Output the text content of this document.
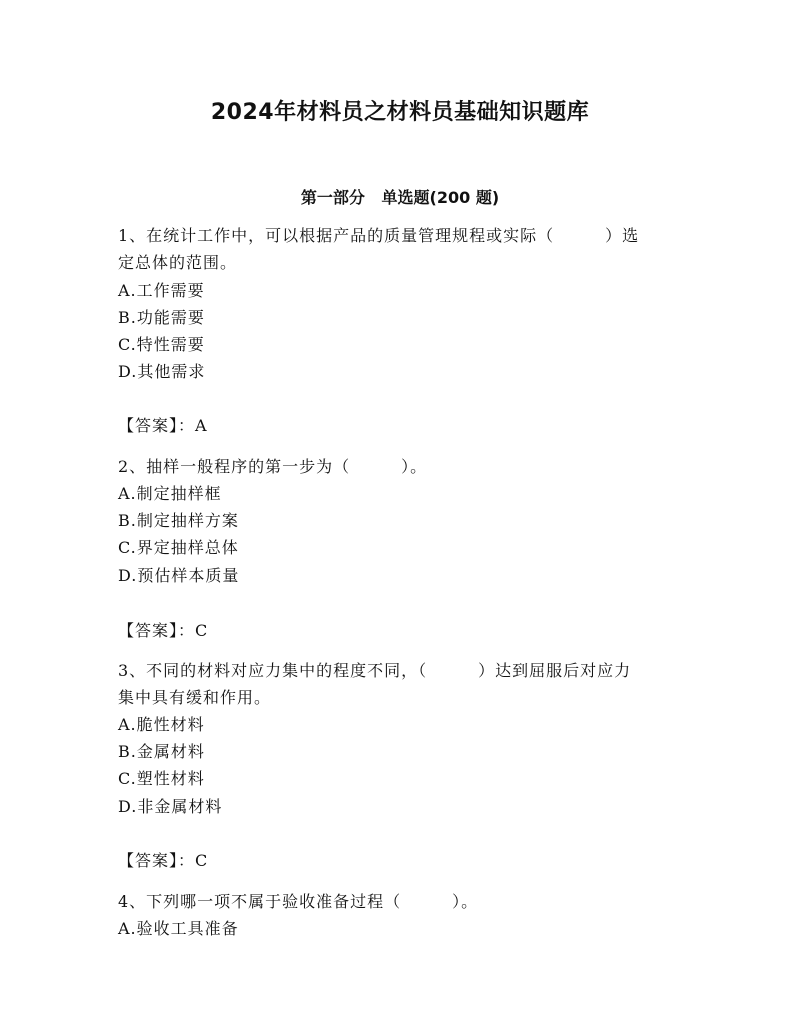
2024年材料员之材料员基础知识题库
第一部分   单选题(200 题)
1、在统计工作中，可以根据产品的质量管理规程或实际（　　　）选
定总体的范围。
A.工作需要
B.功能需要
C.特性需要
D.其他需求
【答案】：A
2、抽样一般程序的第一步为（　　　）。
A.制定抽样框
B.制定抽样方案
C.界定抽样总体
D.预估样本质量
【答案】：C
3、不同的材料对应力集中的程度不同，（　　　）达到屈服后对应力
集中具有缓和作用。
A.脆性材料
B.金属材料
C.塑性材料
D.非金属材料
【答案】：C
4、下列哪一项不属于验收准备过程（　　　）。
A.验收工具准备
